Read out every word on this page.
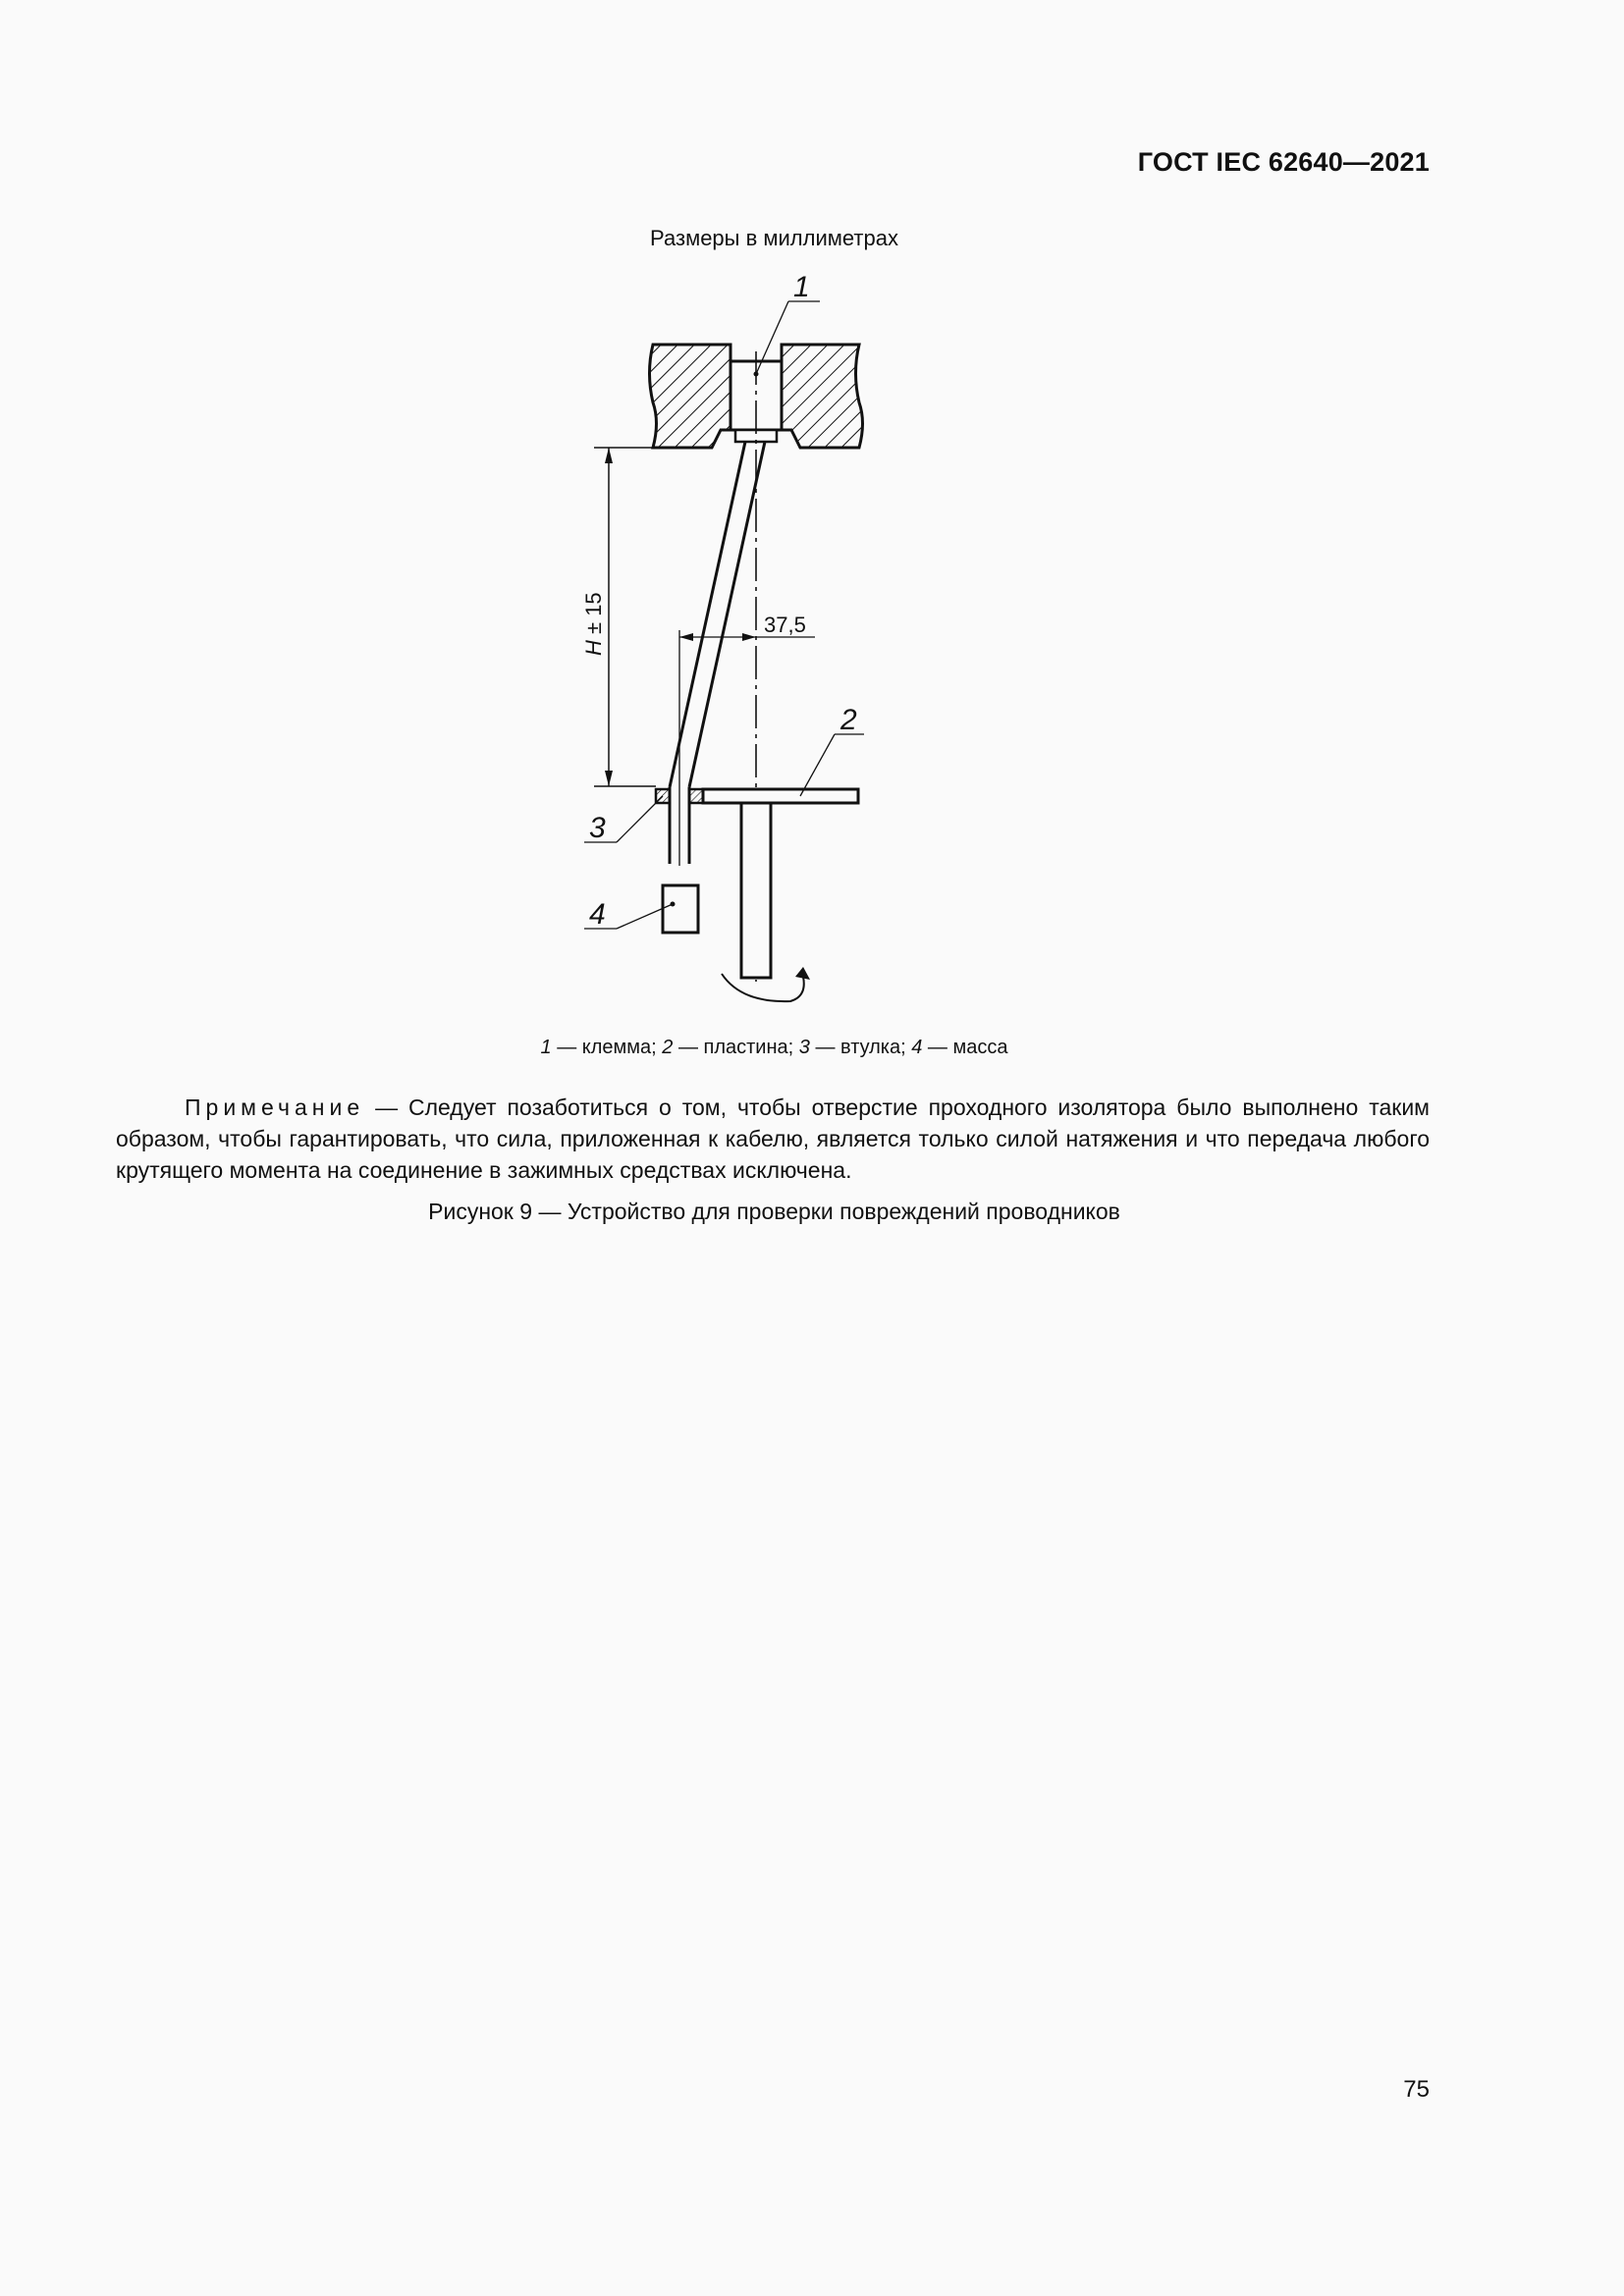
ГОСТ IEC 62640—2021
Размеры в миллиметрах
H ± 15	37,5
1
2
3
4
1 — клемма; 2 — пластина; 3 — втулка; 4 — масса
Примечание — Следует позаботиться о том, чтобы отверстие проходного изолятора было выполнено таким образом, чтобы гарантировать, что сила, приложенная к кабелю, является только силой натяжения и что передача любого крутящего момента на соединение в зажимных средствах исключена.
Рисунок 9 — Устройство для проверки повреждений проводников
75
